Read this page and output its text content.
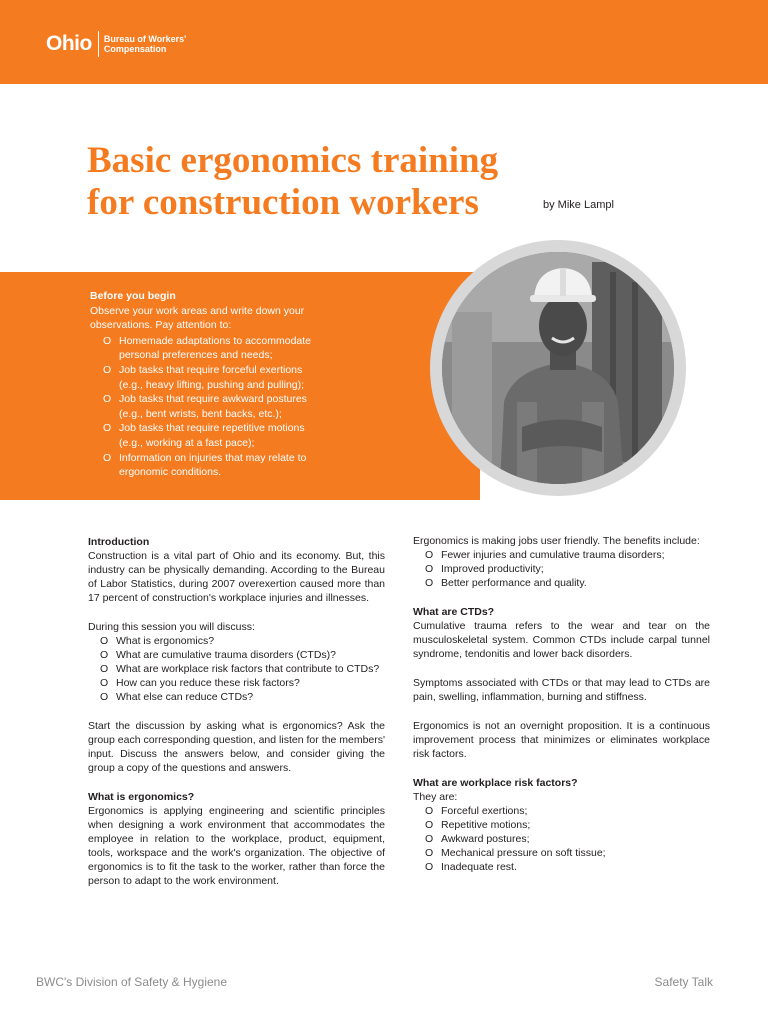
Ohio Bureau of Workers'
Compensation
Basic ergonomics training
for construction workers	by Mike Lampl
Before you begin
Observe your work areas and write down your observations. Pay attention to:
O Homemade adaptations to accommodate personal preferences and needs;
O Job tasks that require forceful exertions (e.g., heavy lifting, pushing and pulling);
O Job tasks that require awkward postures (e.g., bent wrists, bent backs, etc.);
O Job tasks that require repetitive motions (e.g., working at a fast pace);
O Information on injuries that may relate to ergonomic conditions.
Introduction

Construction is a vital part of Ohio and its economy. But, this industry can be physically demanding. According to the Bureau of Labor Statistics, during 2007 overexertion caused more than 17 percent of construction's workplace injuries and illnesses.

During this session you will discuss:

O What is ergonomics?
O What are cumulative trauma disorders (CTDs)?
O What are workplace risk factors that contribute to CTDs?
O How can you reduce these risk factors?
O What else can reduce CTDs?

Start the discussion by asking what is ergonomics? Ask the group each corresponding question, and listen for the members' input. Discuss the answers below, and consider giving the group a copy of the questions and answers.

What is ergonomics?

Ergonomics is applying engineering and scientific principles when designing a work environment that accommodates the employee in relation to the workplace, product, equipment, tools, workspace and the work's organization. The objective of ergonomics is to fit the task to the worker, rather than force the person to adapt to the work environment.

Ergonomics is making jobs user friendly. The benefits include:

O Fewer injuries and cumulative trauma disorders;
O Improved productivity;
O Better performance and quality.
What are CTDs?

Cumulative trauma refers to the wear and tear on the musculoskeletal system. Common CTDs include carpal tunnel syndrome, tendonitis and lower back disorders.

Symptoms associated with CTDs or that may lead to CTDs are pain, swelling, inflammation, burning and stiffness.

Ergonomics is not an overnight proposition. It is a continuous improvement process that minimizes or eliminates workplace risk factors.

What are workplace risk factors?

They are:

O Forceful exertions;
O Repetitive motions;
O Awkward postures;
O Mechanical pressure on soft tissue;
O Inadequate rest.
BWC's Division of Safety & Hygiene	Safety Talk
